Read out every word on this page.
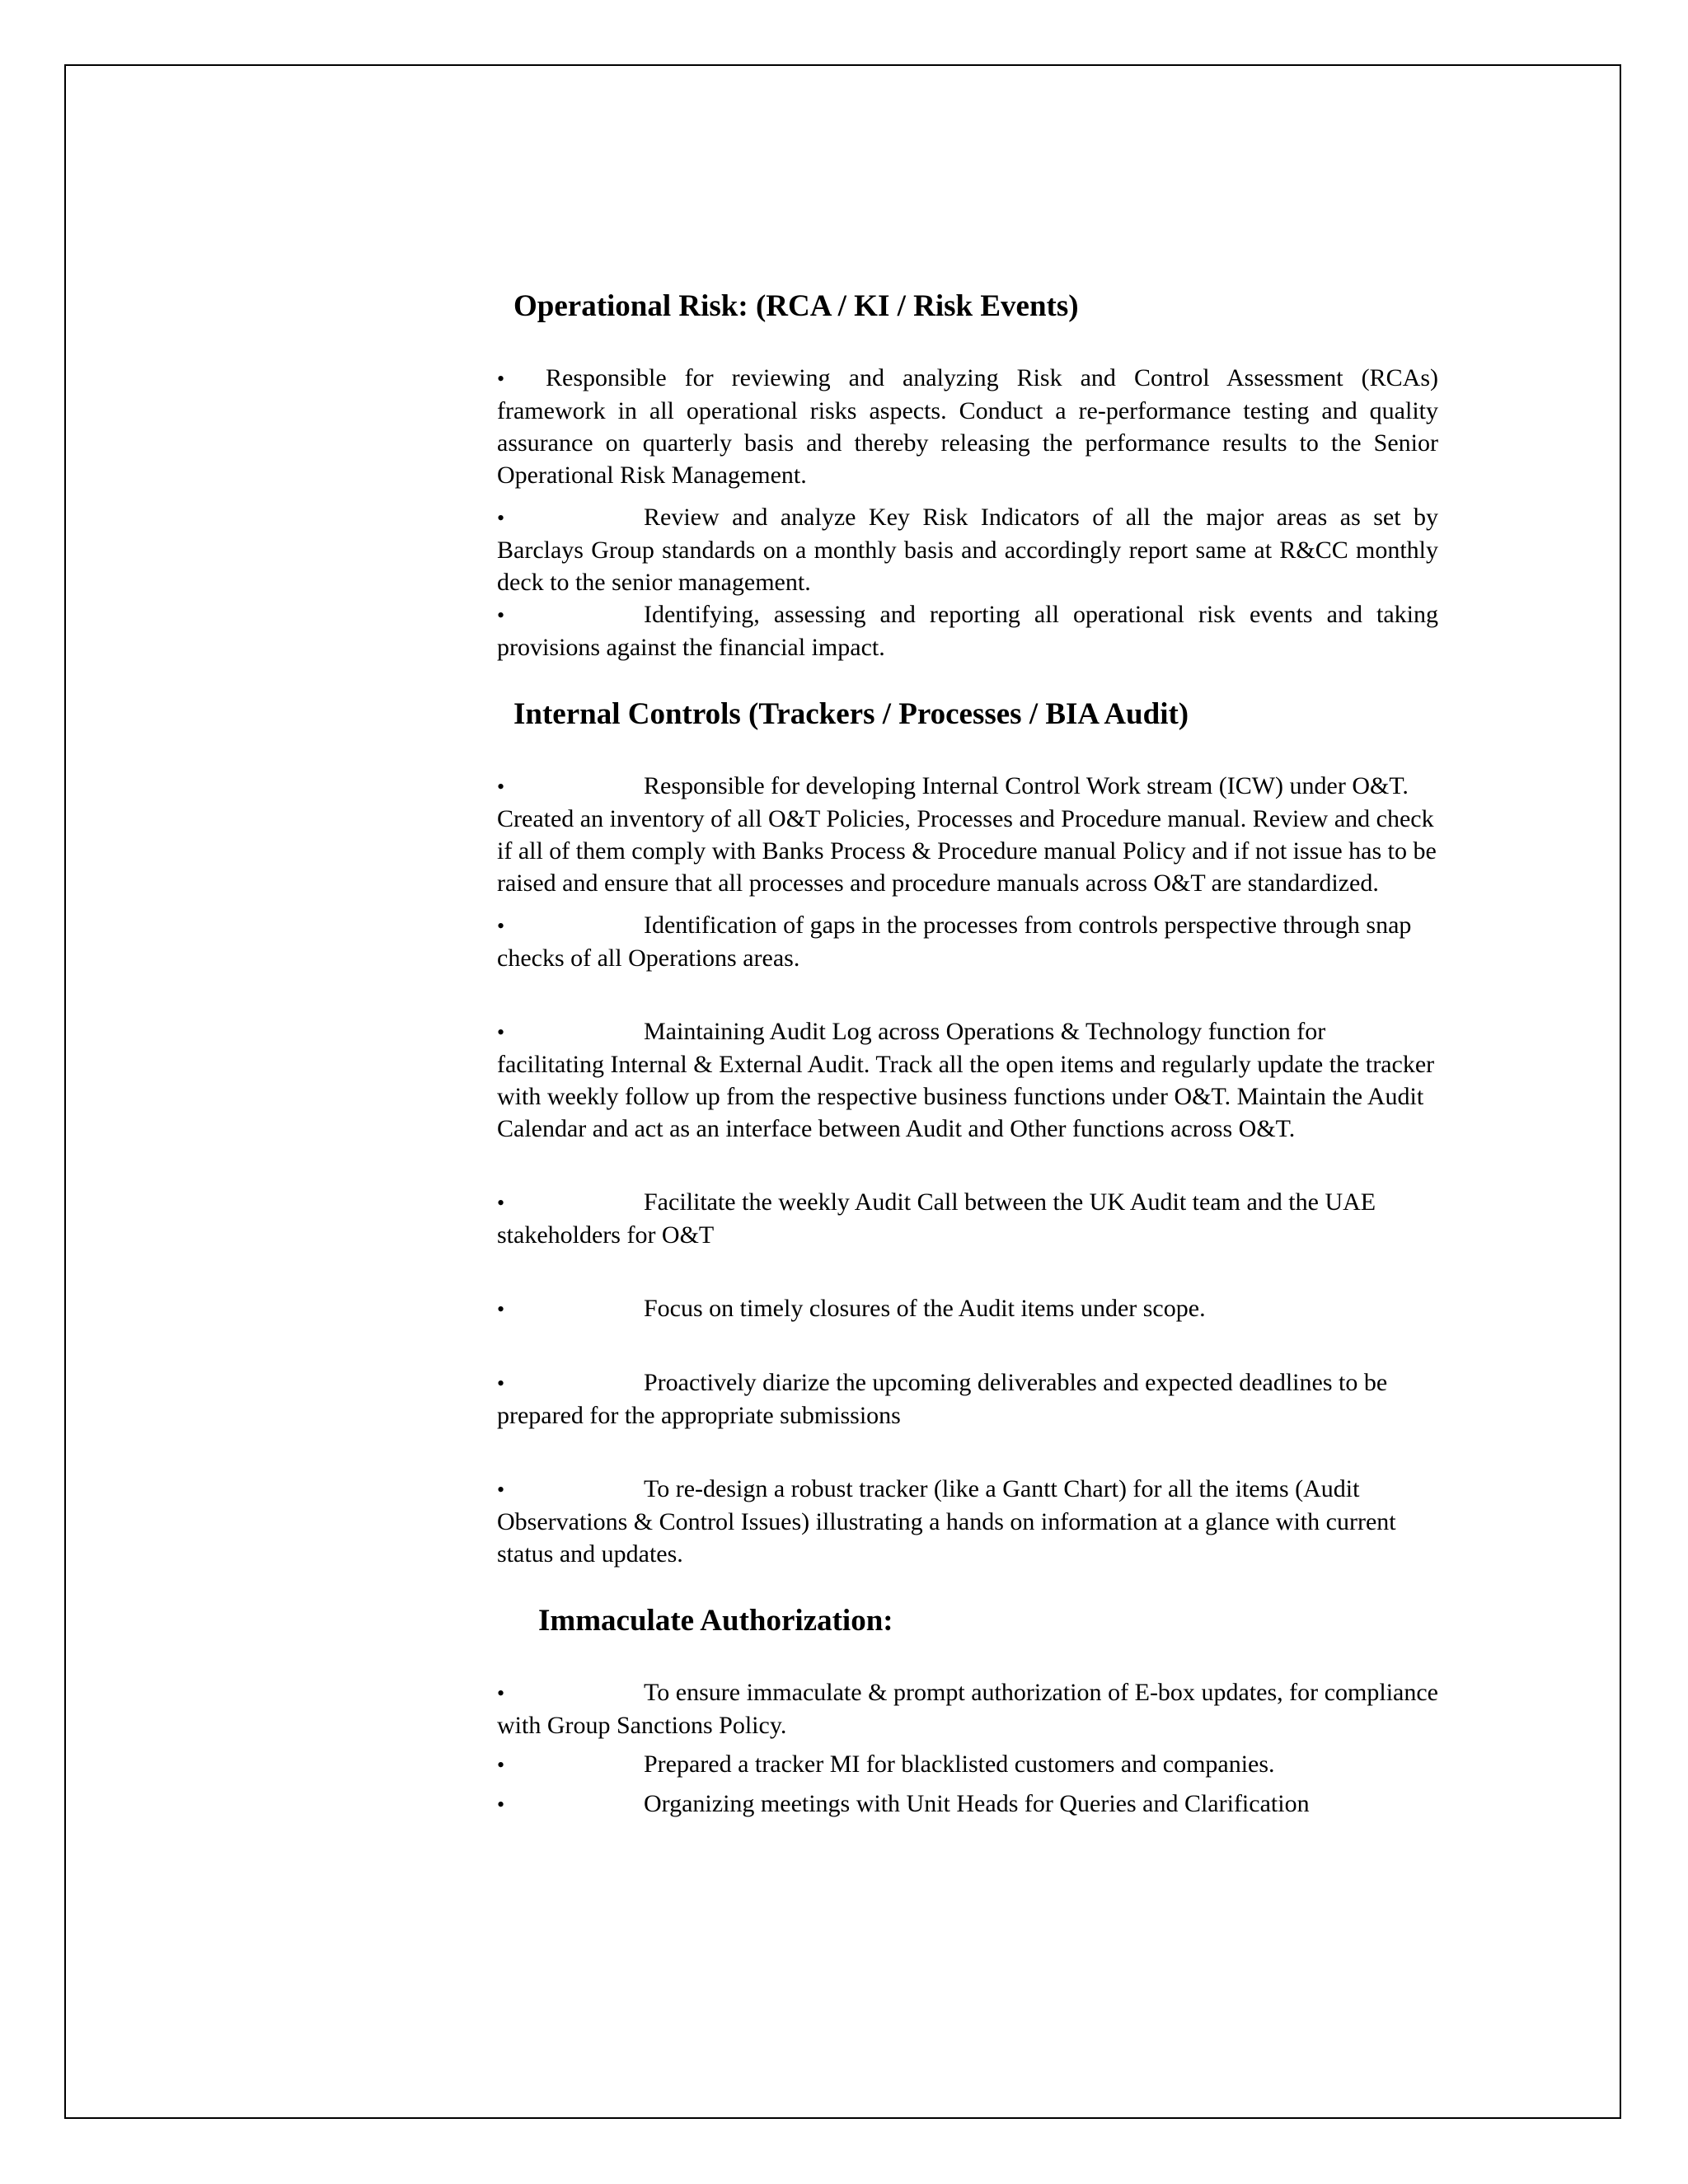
Operational Risk: (RCA / KI / Risk Events)

• Responsible for reviewing and analyzing Risk and Control Assessment (RCAs) framework in all operational risks aspects. Conduct a re-performance testing and quality assurance on quarterly basis and thereby releasing the performance results to the Senior Operational Risk Management.

•	Review and analyze Key Risk Indicators of all the major areas as set by Barclays Group standards on a monthly basis and accordingly report same at R&CC monthly deck to the senior management.

•	Identifying, assessing and reporting all operational risk events and taking provisions against the financial impact.

Internal Controls (Trackers / Processes / BIA Audit)

•	Responsible for developing Internal Control Work stream (ICW) under O&T. Created an inventory of all O&T Policies, Processes and Procedure manual. Review and check if all of them comply with Banks Process & Procedure manual Policy and if not issue has to be raised and ensure that all processes and procedure manuals across O&T are standardized.

•	Identification of gaps in the processes from controls perspective through snap checks of all Operations areas.

•	Maintaining Audit Log across Operations & Technology function for facilitating Internal & External Audit. Track all the open items and regularly update the tracker with weekly follow up from the respective business functions under O&T. Maintain the Audit Calendar and act as an interface between Audit and Other functions across O&T.

•	Facilitate the weekly Audit Call between the UK Audit team and the UAE stakeholders for O&T

•	Focus on timely closures of the Audit items under scope.

•	Proactively diarize the upcoming deliverables and expected deadlines to be prepared for the appropriate submissions

•	To re-design a robust tracker (like a Gantt Chart) for all the items (Audit Observations & Control Issues) illustrating a hands on information at a glance with current status and updates.

Immaculate Authorization:

•	To ensure immaculate & prompt authorization of E-box updates, for compliance with Group Sanctions Policy.

•	Prepared a tracker MI for blacklisted customers and companies.

•	Organizing meetings with Unit Heads for Queries and Clarification
